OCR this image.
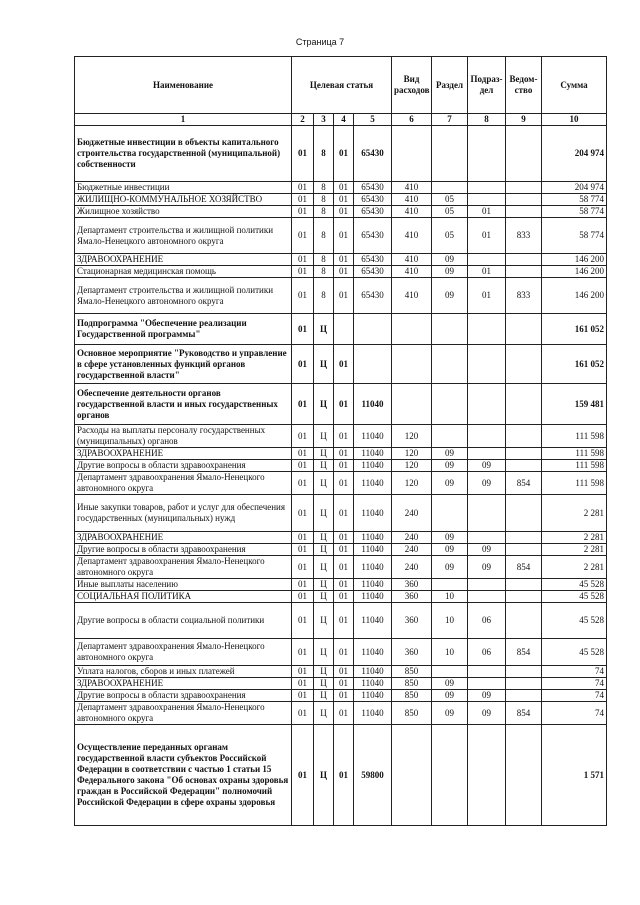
Страница 7
Наименование	Целевая статья				Вид расходов	Раздел	Подраз-дел	Ведом-ство	Сумма
1	2	3	4	5	6	7	8	9	10
Бюджетные инвестиции в объекты капитального строительства государственной (муниципальной) собственности	01	8	01	65430					204 974
Бюджетные инвестиции	01	8	01	65430	410				204 974
ЖИЛИЩНО-КОММУНАЛЬНОЕ ХОЗЯЙСТВО	01	8	01	65430	410	05			58 774
Жилищное хозяйство	01	8	01	65430	410	05	01		58 774
Департамент строительства и жилищной политики Ямало-Ненецкого автономного округа	01	8	01	65430	410	05	01	833	58 774
ЗДРАВООХРАНЕНИЕ	01	8	01	65430	410	09			146 200
Стационарная медицинская помощь	01	8	01	65430	410	09	01		146 200
Департамент строительства и жилищной политики Ямало-Ненецкого автономного округа	01	8	01	65430	410	09	01	833	146 200
Подпрограмма "Обеспечение реализации Государственной программы"	01	Ц							161 052
Основное мероприятие "Руководство и управление в сфере установленных функций органов государственной власти"	01	Ц	01						161 052
Обеспечение деятельности органов государственной власти и иных государственных органов	01	Ц	01	11040					159 481
Расходы на выплаты персоналу государственных (муниципальных) органов	01	Ц	01	11040	120				111 598
ЗДРАВООХРАНЕНИЕ	01	Ц	01	11040	120	09			111 598
Другие вопросы в области здравоохранения	01	Ц	01	11040	120	09	09		111 598
Департамент здравоохранения Ямало-Ненецкого автономного округа	01	Ц	01	11040	120	09	09	854	111 598
Иные закупки товаров, работ и услуг для обеспечения государственных (муниципальных) нужд	01	Ц	01	11040	240				2 281
ЗДРАВООХРАНЕНИЕ	01	Ц	01	11040	240	09			2 281
Другие вопросы в области здравоохранения	01	Ц	01	11040	240	09	09		2 281
Департамент здравоохранения Ямало-Ненецкого автономного округа	01	Ц	01	11040	240	09	09	854	2 281
Иные выплаты населению	01	Ц	01	11040	360				45 528
СОЦИАЛЬНАЯ ПОЛИТИКА	01	Ц	01	11040	360	10			45 528
Другие вопросы в области социальной политики	01	Ц	01	11040	360	10	06		45 528
Департамент здравоохранения Ямало-Ненецкого автономного округа	01	Ц	01	11040	360	10	06	854	45 528
Уплата налогов, сборов и иных платежей	01	Ц	01	11040	850				74
ЗДРАВООХРАНЕНИЕ	01	Ц	01	11040	850	09			74
Другие вопросы в области здравоохранения	01	Ц	01	11040	850	09	09		74
Департамент здравоохранения Ямало-Ненецкого автономного округа	01	Ц	01	11040	850	09	09	854	74
Осуществление переданных органам государственной власти субъектов Российской Федерации в соответствии с частью 1 статьи 15 Федерального закона "Об основах охраны здоровья граждан в Российской Федерации" полномочий Российской Федерации в сфере охраны здоровья	01	Ц	01	59800					1 571
